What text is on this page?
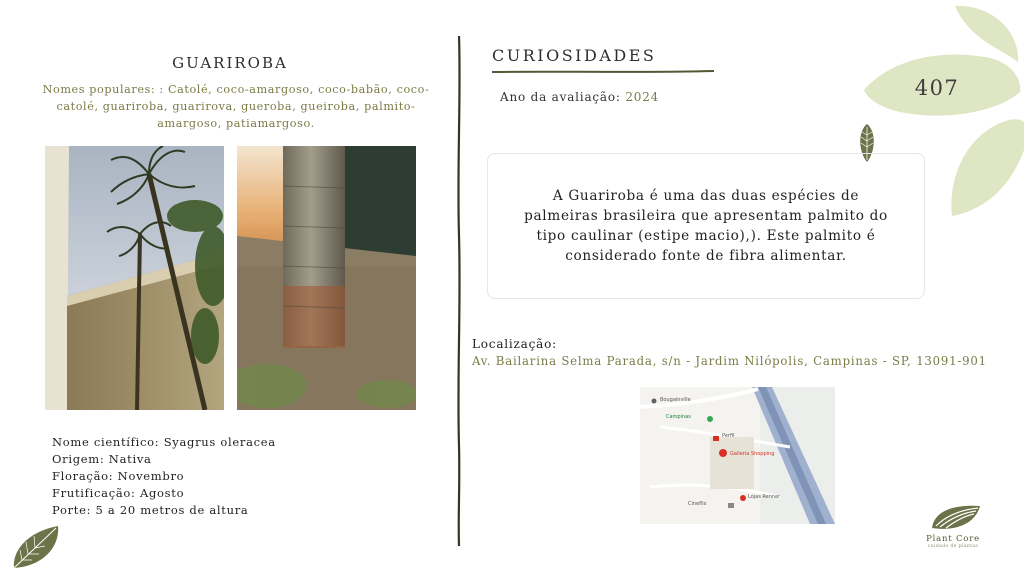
GUARIROBA
Nomes populares: : Catolé, coco-amargoso, coco-babão, coco-catolé, guariroba, guarirova, gueroba, gueiroba, palmito-amargoso, patiamargoso.
Nome científico: Syagrus oleracea
Origem: Nativa
Floração: Novembro
Frutificação: Agosto
Porte: 5 a 20 metros de altura
CURIOSIDADES
Ano da avaliação: 2024

A Guariroba é uma das duas espécies de palmeiras brasileira que apresentam palmito do tipo caulinar (estipe macio),). Este palmito é considerado fonte de fibra alimentar.

Localização:
Av. Bailarina Selma Parada, s/n - Jardim Nilópolis, Campinas - SP, 13091-901
Bougainville
Campinas
Galleria Shopping
Perfil
Lojas Renner
Cineflix
407
Plant Core
cuidado de plantas
